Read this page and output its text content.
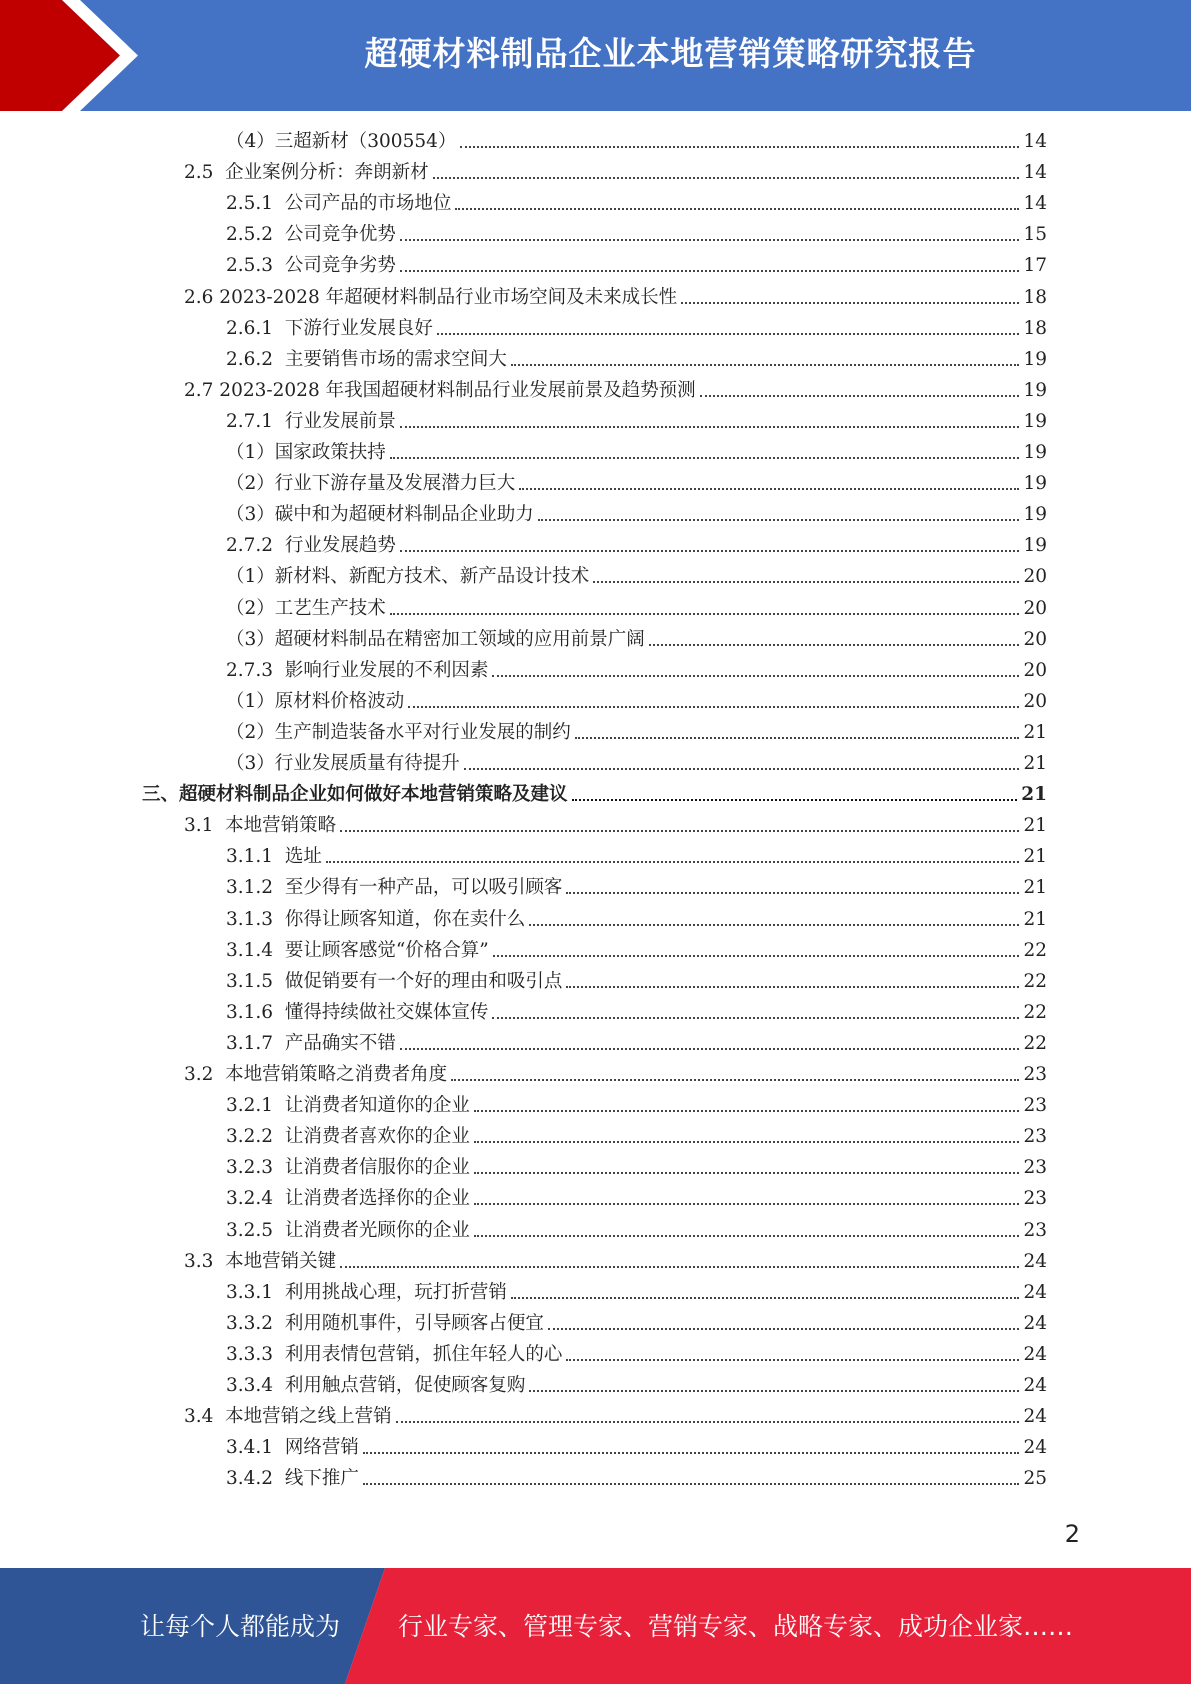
超硬材料制品企业本地营销策略研究报告
（4）三超新材（300554）	14
2.5  企业案例分析：奔朗新材	14
2.5.1  公司产品的市场地位	14
2.5.2  公司竞争优势	15
2.5.3  公司竞争劣势	17
2.6 2023-2028 年超硬材料制品行业市场空间及未来成长性	18
2.6.1  下游行业发展良好	18
2.6.2  主要销售市场的需求空间大	19
2.7 2023-2028 年我国超硬材料制品行业发展前景及趋势预测	19
2.7.1  行业发展前景	19
（1）国家政策扶持	19
（2）行业下游存量及发展潜力巨大	19
（3）碳中和为超硬材料制品企业助力	19
2.7.2  行业发展趋势	19
（1）新材料、新配方技术、新产品设计技术	20
（2）工艺生产技术	20
（3）超硬材料制品在精密加工领域的应用前景广阔	20
2.7.3  影响行业发展的不利因素	20
（1）原材料价格波动	20
（2）生产制造装备水平对行业发展的制约	21
（3）行业发展质量有待提升	21
三、超硬材料制品企业如何做好本地营销策略及建议	21
3.1  本地营销策略	21
3.1.1  选址	21
3.1.2  至少得有一种产品，可以吸引顾客	21
3.1.3  你得让顾客知道，你在卖什么	21
3.1.4  要让顾客感觉“价格合算”	22
3.1.5  做促销要有一个好的理由和吸引点	22
3.1.6  懂得持续做社交媒体宣传	22
3.1.7  产品确实不错	22
3.2  本地营销策略之消费者角度	23
3.2.1  让消费者知道你的企业	23
3.2.2  让消费者喜欢你的企业	23
3.2.3  让消费者信服你的企业	23
3.2.4  让消费者选择你的企业	23
3.2.5  让消费者光顾你的企业	23
3.3  本地营销关键	24
3.3.1  利用挑战心理，玩打折营销	24
3.3.2  利用随机事件，引导顾客占便宜	24
3.3.3  利用表情包营销，抓住年轻人的心	24
3.3.4  利用触点营销，促使顾客复购	24
3.4  本地营销之线上营销	24
3.4.1  网络营销	24
3.4.2  线下推广	25
2
让每个人都能成为 行业专家、管理专家、营销专家、战略专家、成功企业家……
